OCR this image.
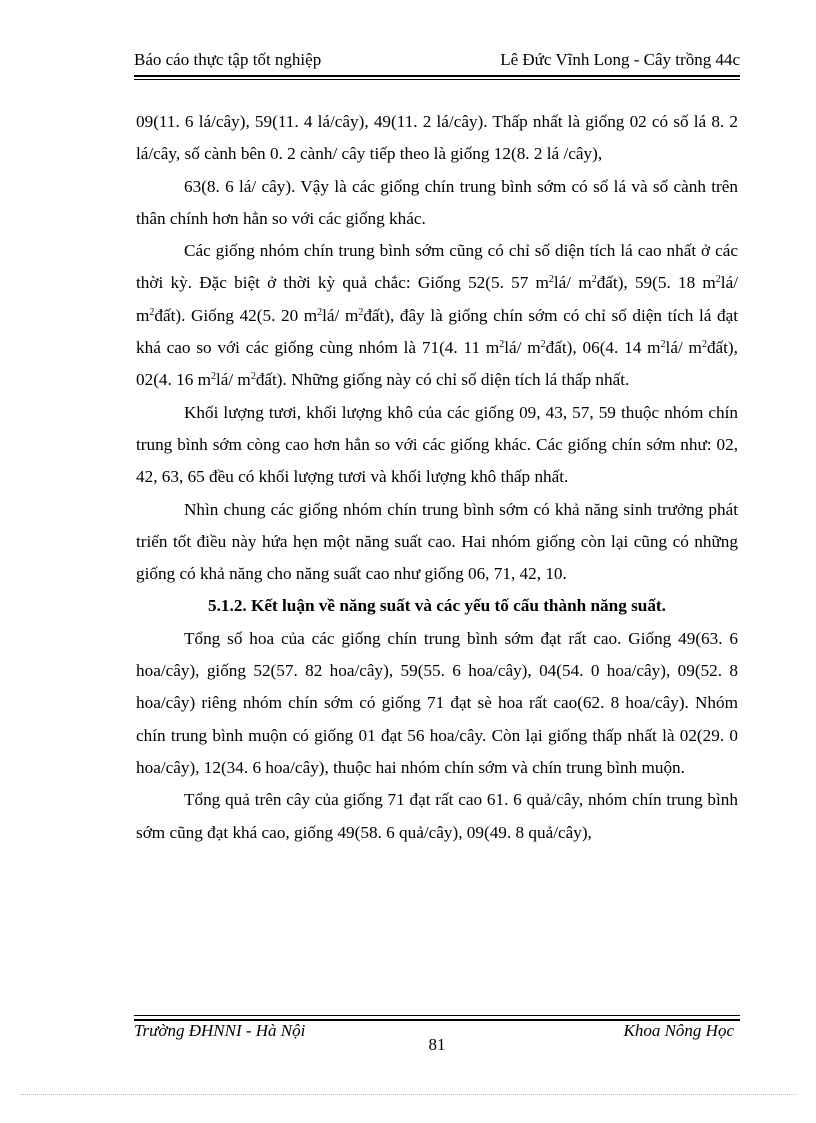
Báo cáo thực tập tốt nghiệp	Lê Đức Vĩnh Long - Cây trồng 44c

09(11. 6 lá/cây), 59(11. 4 lá/cây), 49(11. 2 lá/cây). Thấp nhất là giống 02 có số lá 8. 2 lá/cây, số cành bên 0. 2 cành/ cây tiếp theo là giống 12(8. 2 lá /cây),

63(8. 6 lá/ cây). Vậy là các giống chín trung bình sớm có số lá và số cành trên thân chính hơn hẳn so với các giống khác.

Các giống nhóm chín trung bình sớm cũng có chỉ số diện tích lá cao nhất ở các thời kỳ. Đặc biệt ở thời kỳ quả chắc: Giống 52(5. 57 $m^2lá/$ $m^2đất$), 59(5. 18 $m^2lá/$ $m^2đất$). Giống 42(5. 20 $m^2lá/$ $m^2đất$), đây là giống chín sớm có chỉ số diện tích lá đạt khá cao so với các giống cùng nhóm là 71(4. 11 $m^2lá/$ $m^2đất$), 06(4. 14 $m^2lá/$ $m^2đất$), 02(4. 16 $m^2lá/$ $m^2đất$). Những giống này có chỉ số diện tích lá thấp nhất.

Khối lượng tươi, khối lượng khô của các giống 09, 43, 57, 59 thuộc nhóm chín trung bình sớm còng cao hơn hẳn so với các giống khác. Các giống chín sớm như: 02, 42, 63, 65 đều có khối lượng tươi và khối lượng khô thấp nhất.

Nhìn chung các giống nhóm chín trung bình sớm có khả năng sinh trưởng phát triển tốt điều này hứa hẹn một năng suất cao. Hai nhóm giống còn lại cũng có những giống có khả năng cho năng suất cao như giống 06, 71, 42, 10.

5.1.2. Kết luận về năng suất và các yếu tố cấu thành năng suất.

Tổng số hoa của các giống chín trung bình sớm đạt rất cao. Giống 49(63. 6 hoa/cây), giống 52(57. 82 hoa/cây), 59(55. 6 hoa/cây), 04(54. 0 hoa/cây), 09(52. 8 hoa/cây) riêng nhóm chín sớm có giống 71 đạt sè hoa rất cao(62. 8 hoa/cây). Nhóm chín trung bình muộn có giống 01 đạt 56 hoa/cây. Còn lại giống thấp nhất là 02(29. 0 hoa/cây), 12(34. 6 hoa/cây), thuộc hai nhóm chín sớm và chín trung bình muộn.

Tổng quả trên cây của giống 71 đạt rất cao 61. 6 quả/cây, nhóm chín trung bình sớm cũng đạt khá cao, giống 49(58. 6 quả/cây), 09(49. 8 quả/cây),

Trường ĐHNNI - Hà Nội
81
Khoa Nông Học
